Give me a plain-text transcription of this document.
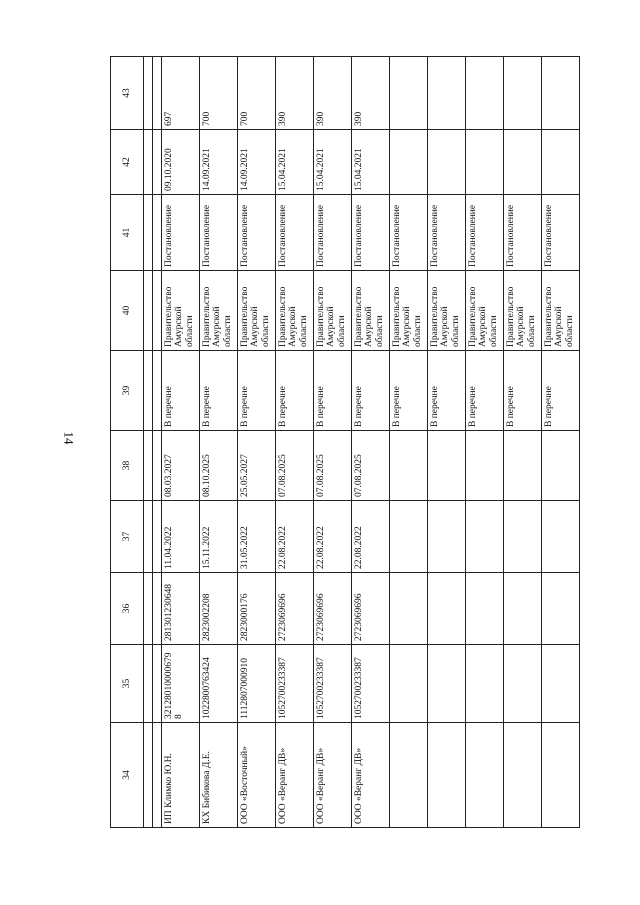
14
34	35	36	37	38	39	40	41	42	43

ИП Климко Ю.Н.	321280100006798	281301230648	11.04.2022	08.03.2027	В перечне	Правительство Амурской области	Постановление	09.10.2020	697
КХ Бибикова Д.Е.	1022800763424	2823002208	15.11.2022	08.10.2025	В перечне	Правительство Амурской области	Постановление	14.09.2021	700
ООО «Восточный»	1112807000910	2823000176	31.05.2022	25.05.2027	В перечне	Правительство Амурской области	Постановление	14.09.2021	700
ООО «Веранг ДВ»	1052700233387	2723069696	22.08.2022	07.08.2025	В перечне	Правительство Амурской области	Постановление	15.04.2021	390
ООО «Веранг ДВ»	1052700233387	2723069696	22.08.2022	07.08.2025	В перечне	Правительство Амурской области	Постановление	15.04.2021	390
ООО «Веранг ДВ»	1052700233387	2723069696	22.08.2022	07.08.2025	В перечне	Правительство Амурской области	Постановление	15.04.2021	390
					В перечне	Правительство Амурской области	Постановление		
					В перечне	Правительство Амурской области	Постановление		
					В перечне	Правительство Амурской области	Постановление		
					В перечне	Правительство Амурской области	Постановление		
					В перечне	Правительство Амурской области	Постановление		
